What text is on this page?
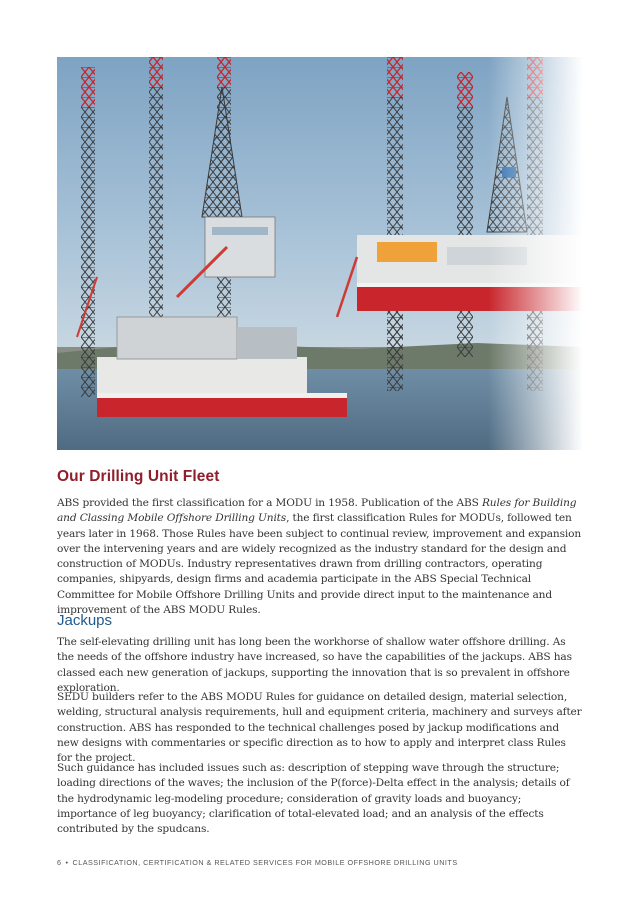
Our Drilling Unit Fleet

ABS provided the first classification for a MODU in 1958. Publication of the ABS Rules for Building and Classing Mobile Offshore Drilling Units, the first classification Rules for MODUs, followed ten years later in 1968. Those Rules have been subject to continual review, improvement and expansion over the intervening years and are widely recognized as the industry standard for the design and construction of MODUs. Industry representatives drawn from drilling contractors, operating companies, shipyards, design firms and academia participate in the ABS Special Technical Committee for Mobile Offshore Drilling Units and provide direct input to the maintenance and improvement of the ABS MODU Rules.

Jackups

The self-elevating drilling unit has long been the workhorse of shallow water offshore drilling. As the needs of the offshore industry have increased, so have the capabilities of the jackups. ABS has classed each new generation of jackups, supporting the innovation that is so prevalent in offshore exploration.

SEDU builders refer to the ABS MODU Rules for guidance on detailed design, material selection, welding, structural analysis requirements, hull and equipment criteria, machinery and surveys after construction. ABS has responded to the technical challenges posed by jackup modifications and new designs with commentaries or specific direction as to how to apply and interpret class Rules for the project.

Such guidance has included issues such as: description of stepping wave through the structure; loading directions of the waves; the inclusion of the P(force)-Delta effect in the analysis; details of the hydrodynamic leg-modeling procedure; consideration of gravity loads and buoyancy; importance of leg buoyancy; clarification of total-elevated load; and an analysis of the effects contributed by the spudcans.

6 • CLASSIFICATION, CERTIFICATION & RELATED SERVICES FOR MOBILE OFFSHORE DRILLING UNITS
